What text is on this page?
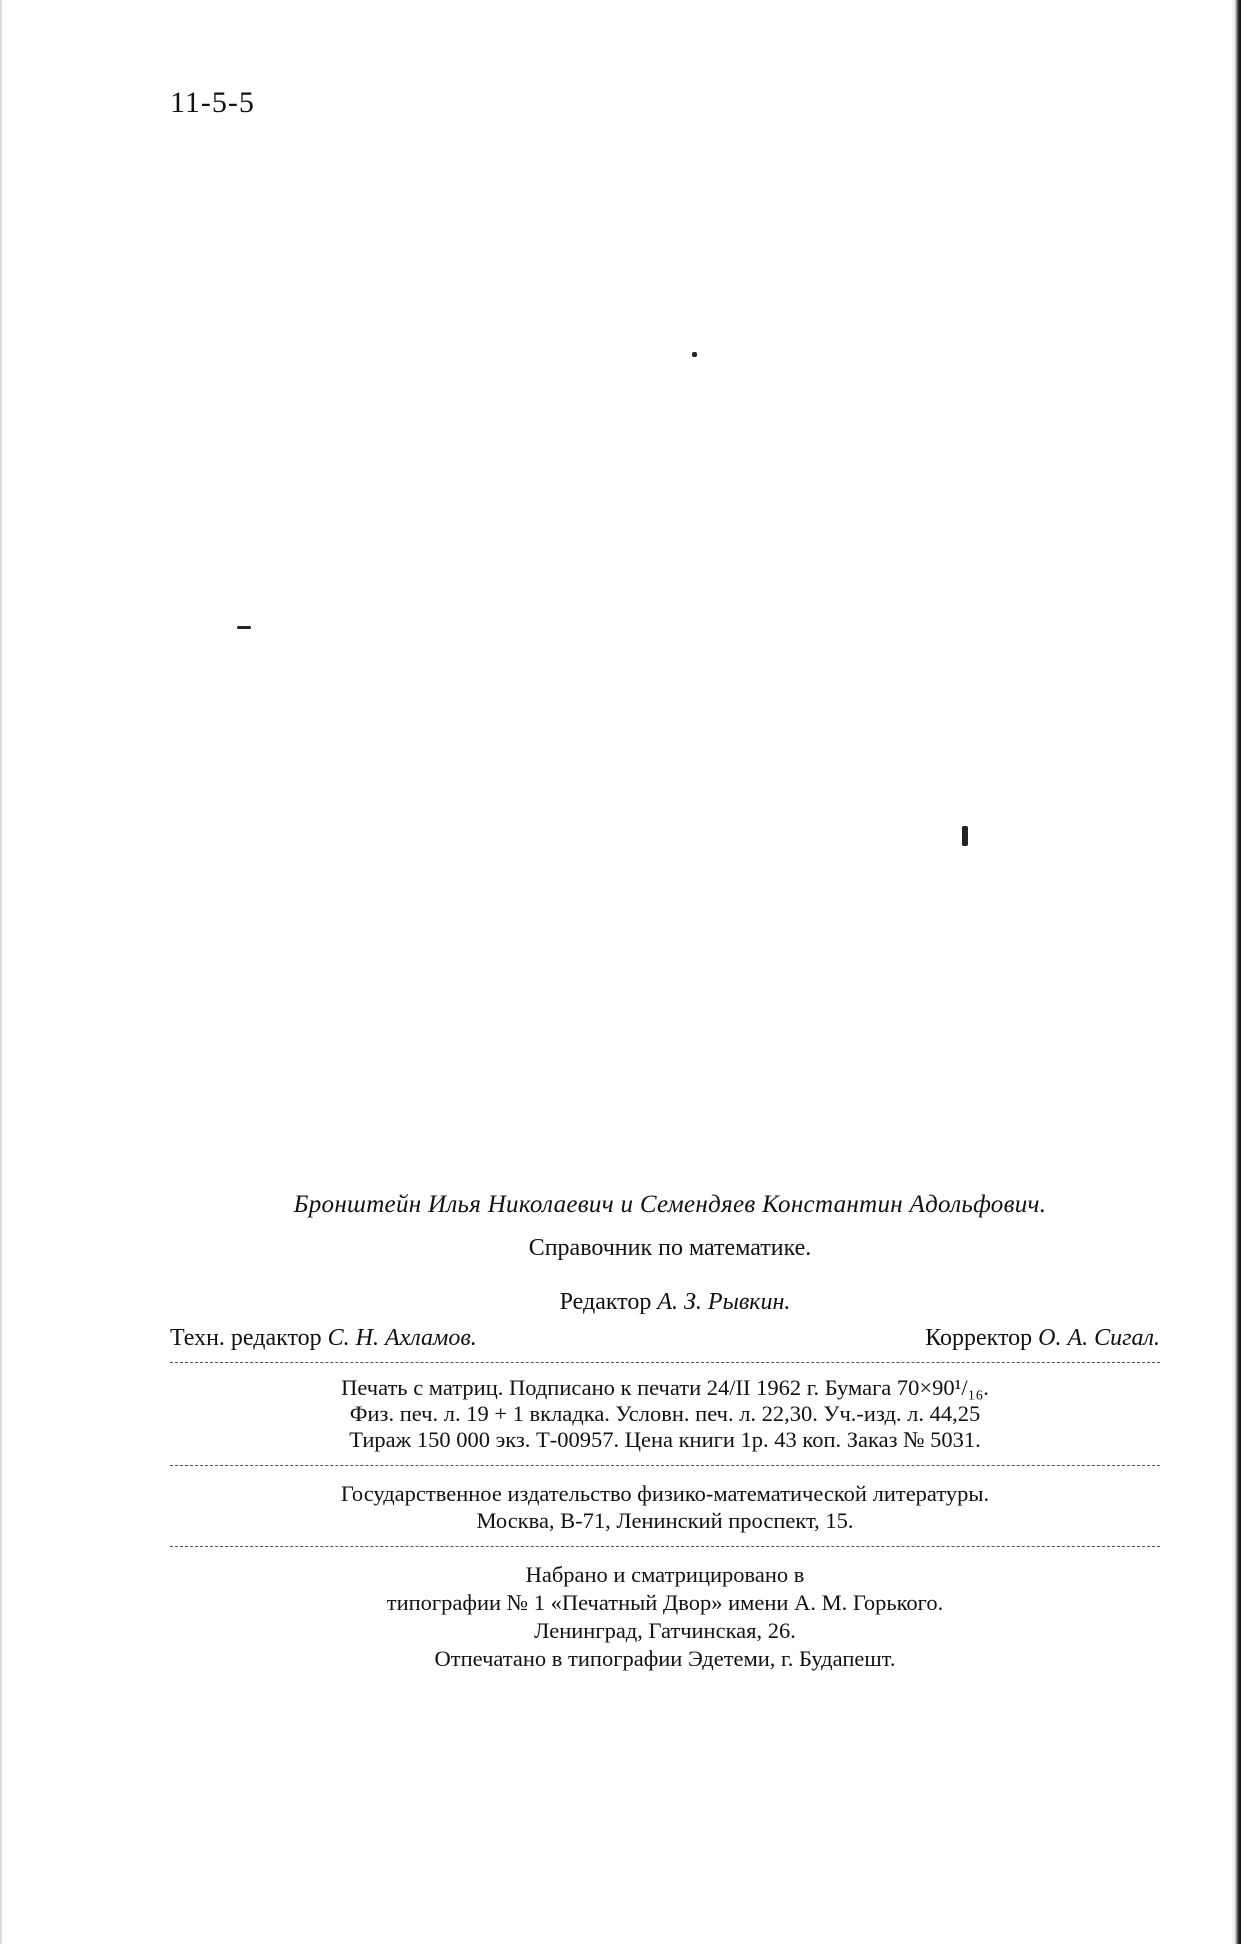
11-5-5
Бронштейн Илья Николаевич и Семендяев Константин Адольфович.
Справочник по математике.
Редактор А. З. Рывкин.
Техн. редактор С. Н. Ахламов.	Корректор О. А. Сигал.
Печать с матриц. Подписано к печати 24/II 1962 г. Бумага 70×90¹/₁₆.
Физ. печ. л. 19 + 1 вкладка. Условн. печ. л. 22,30. Уч.-изд. л. 44,25
Тираж 150 000 экз. Т-00957. Цена книги 1р. 43 коп. Заказ № 5031.
Государственное издательство физико-математической литературы.
Москва, В-71, Ленинский проспект, 15.
Набрано и сматрицировано в
типографии № 1 «Печатный Двор» имени А. М. Горького.
Ленинград, Гатчинская, 26.
Отпечатано в типографии Эдетеми, г. Будапешт.
